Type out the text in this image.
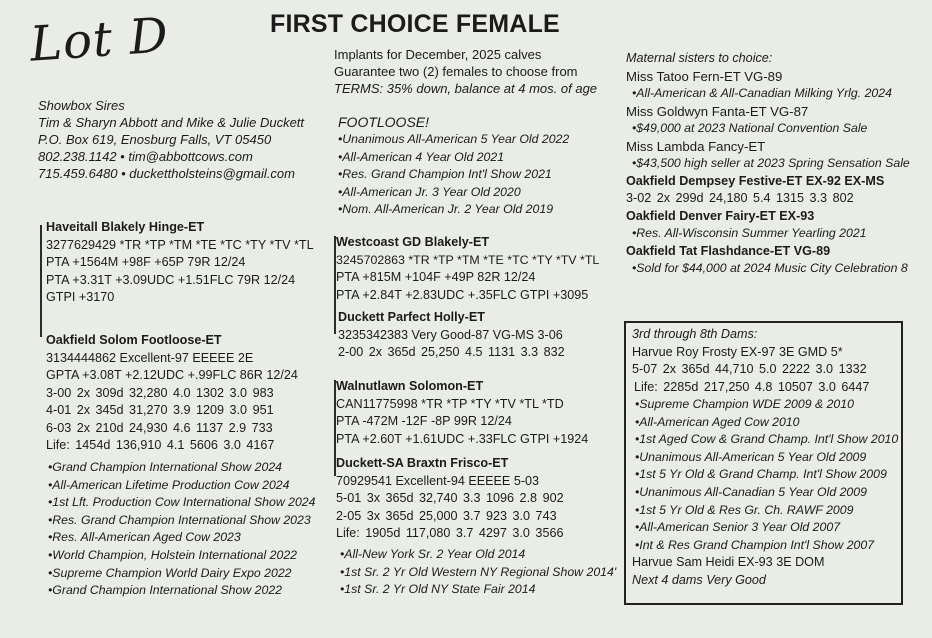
Lot D	FIRST CHOICE FEMALE
Showbox Sires
Tim & Sharyn Abbott and Mike & Julie Duckett
P.O. Box 619, Enosburg Falls, VT 05450
802.238.1142 • tim@abbottcows.com
715.459.6480 • duckettholsteins@gmail.com
Implants for December, 2025 calves
Guarantee two (2) females to choose from
TERMS: 35% down, balance at 4 mos. of age
FOOTLOOSE!
•Unanimous All-American 5 Year Old 2022
•All-American 4 Year Old 2021
•Res. Grand Champion Int'l Show 2021
•All-American Jr. 3 Year Old 2020
•Nom. All-American Jr. 2 Year Old 2019
Haveitall Blakely Hinge-ET
3277629429 *TR *TP *TM *TE *TC *TY *TV *TL
PTA +1564M +98F +65P 79R 12/24
PTA +3.31T +3.09UDC +1.51FLC 79R 12/24
GTPI +3170
Oakfield Solom Footloose-ET
3134444862 Excellent-97 EEEEE 2E
GPTA +3.08T +2.12UDC +.99FLC 86R 12/24
3-00 2x 309d 32,280 4.0 1302 3.0 983
4-01 2x 345d 31,270 3.9 1209 3.0 951
6-03 2x 210d 24,930 4.6 1137 2.9 733
Life: 1454d 136,910 4.1 5606 3.0 4167
•Grand Champion International Show 2024
•All-American Lifetime Production Cow 2024
•1st Lft. Production Cow International Show 2024
•Res. Grand Champion International Show 2023
•Res. All-American Aged Cow 2023
•World Champion, Holstein International 2022
•Supreme Champion World Dairy Expo 2022
•Grand Champion International Show 2022
Westcoast GD Blakely-ET
3245702863 *TR *TP *TM *TE *TC *TY *TV *TL
PTA +815M +104F +49P 82R 12/24
PTA +2.84T +2.83UDC +.35FLC GTPI +3095
Duckett Parfect Holly-ET
3235342383 Very Good-87 VG-MS 3-06
2-00 2x 365d 25,250 4.5 1131 3.3 832
Walnutlawn Solomon-ET
CAN11775998 *TR *TP *TY *TV *TL *TD
PTA -472M -12F -8P 99R 12/24
PTA +2.60T +1.61UDC +.33FLC GTPI +1924
Duckett-SA Braxtn Frisco-ET
70929541 Excellent-94 EEEEE 5-03
5-01 3x 365d 32,740 3.3 1096 2.8 902
2-05 3x 365d 25,000 3.7 923 3.0 743
Life: 1905d 117,080 3.7 4297 3.0 3566
•All-New York Sr. 2 Year Old 2014
•1st Sr. 2 Yr Old Western NY Regional Show 2014'
•1st Sr. 2 Yr Old NY State Fair 2014
Maternal sisters to choice:
Miss Tatoo Fern-ET VG-89
•All-American & All-Canadian Milking Yrlg. 2024
Miss Goldwyn Fanta-ET VG-87
•$49,000 at 2023 National Convention Sale
Miss Lambda Fancy-ET
•$43,500 high seller at 2023 Spring Sensation Sale
Oakfield Dempsey Festive-ET EX-92 EX-MS
3-02 2x 299d 24,180 5.4 1315 3.3 802
Oakfield Denver Fairy-ET EX-93
•Res. All-Wisconsin Summer Yearling 2021
Oakfield Tat Flashdance-ET VG-89
•Sold for $44,000 at 2024 Music City Celebration 8
3rd through 8th Dams:
Harvue Roy Frosty EX-97 3E GMD 5*
5-07 2x 365d 44,710 5.0 2222 3.0 1332
Life: 2285d 217,250 4.8 10507 3.0 6447
•Supreme Champion WDE 2009 & 2010
•All-American Aged Cow 2010
•1st Aged Cow & Grand Champ. Int'l Show 2010
•Unanimous All-American 5 Year Old 2009
•1st 5 Yr Old & Grand Champ. Int'l Show 2009
•Unanimous All-Canadian 5 Year Old 2009
•1st 5 Yr Old & Res Gr. Ch. RAWF 2009
•All-American Senior 3 Year Old 2007
•Int & Res Grand Champion Int'l Show 2007
Harvue Sam Heidi EX-93 3E DOM
Next 4 dams Very Good
